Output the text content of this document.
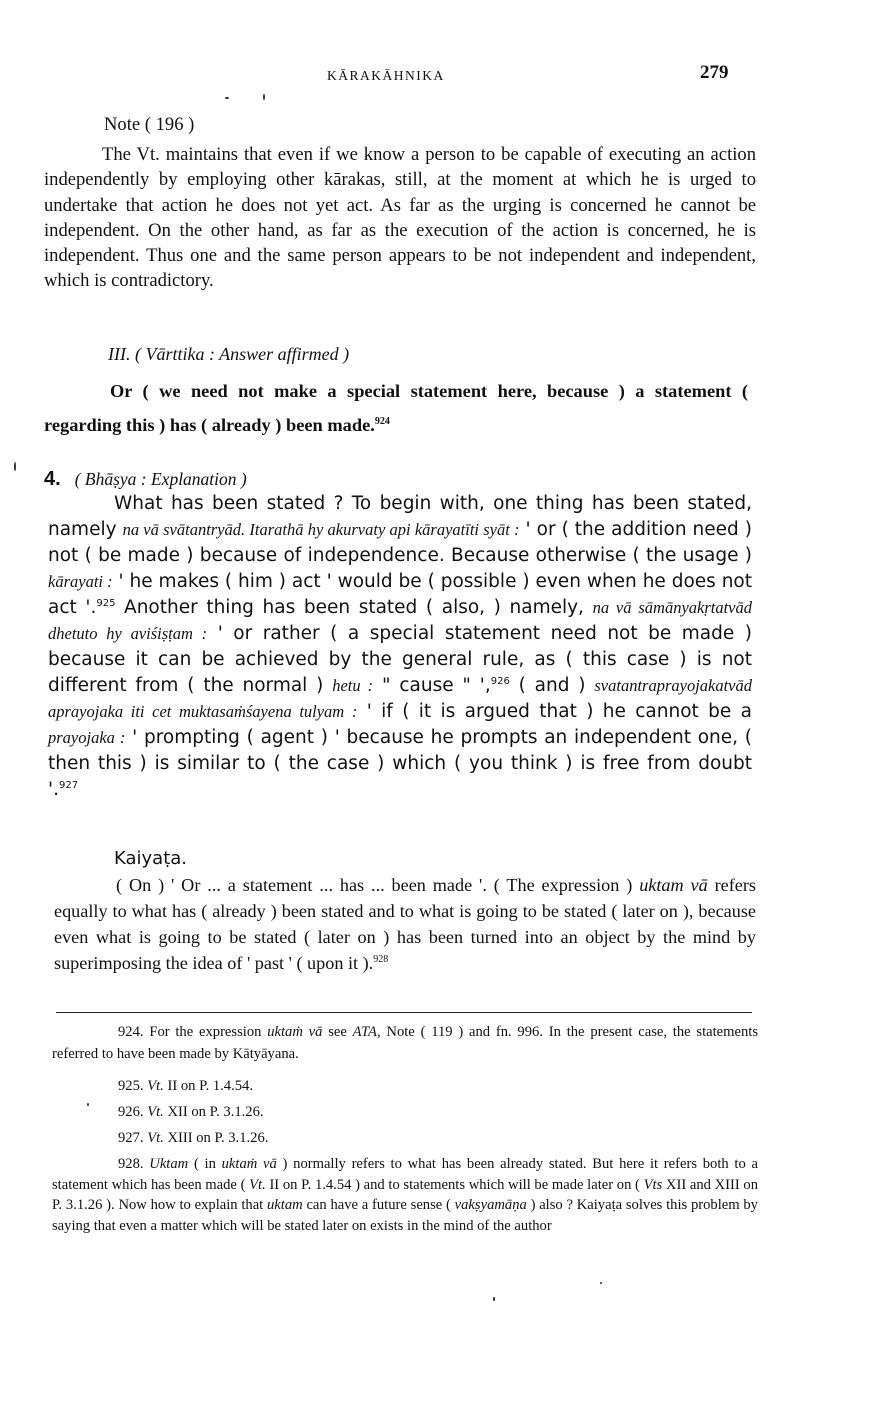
KĀRAKĀHNIKA	279
Note ( 196 )

The Vt. maintains that even if we know a person to be capable of executing an action independently by employing other kārakas, still, at the moment at which he is urged to undertake that action he does not yet act. As far as the urging is concerned he cannot be independent. On the other hand, as far as the execution of the action is concerned, he is independent. Thus one and the same person appears to be not independent and independent, which is contradictory.

III. ( Vārttika : Answer affirmed )
Or ( we need not make a special statement here, because ) a statement ( regarding this ) has ( already ) been made.$^{924}$
4. ( Bhāṣya : Explanation )
What has been stated ? To begin with, one thing has been stated, namely na vā svātantryād. Itarathā hy akurvaty api kārayatīti syāt : ' or ( the addition need ) not ( be made ) because of independence. Because otherwise ( the usage ) kārayati : ' he makes ( him ) act ' would be ( possible ) even when he does not act '.$^{925}$ Another thing has been stated ( also, ) namely, na vā sāmānyakṛtatvād dhetuto hy aviśiṣṭam : ' or rather ( a special statement need not be made ) because it can be achieved by the general rule, as ( this case ) is not different from ( the normal ) hetu : " cause " ',$^{926}$ ( and ) svatantraprayojakatvād aprayojaka iti cet muktasaṁśayena tulyam : ' if ( it is argued that ) he cannot be a prayojaka : ' prompting ( agent ) ' because he prompts an independent one, ( then this ) is similar to ( the case ) which ( you think ) is free from doubt '.$^{927}$
Kaiyaṭa.
( On ) ' Or ... a statement ... has ... been made '. ( The expression ) uktam vā refers equally to what has ( already ) been stated and to what is going to be stated ( later on ), because even what is going to be stated ( later on ) has been turned into an object by the mind by superimposing the idea of ' past ' ( upon it ).$^{928}$
924. For the expression uktaṁ vā see ATA, Note ( 119 ) and fn. 996. In the present case, the statements referred to have been made by Kātyāyana.
925. Vt. II on P. 1.4.54.
926. Vt. XII on P. 3.1.26.
927. Vt. XIII on P. 3.1.26.
928. Uktam ( in uktaṁ vā ) normally refers to what has been already stated. But here it refers both to a statement which has been made ( Vt. II on P. 1.4.54 ) and to statements which will be made later on ( Vts XII and XIII on P. 3.1.26 ). Now how to explain that uktam can have a future sense ( vakṣyamāṇa ) also ? Kaiyaṭa solves this problem by saying that even a matter which will be stated later on exists in the mind of the author
